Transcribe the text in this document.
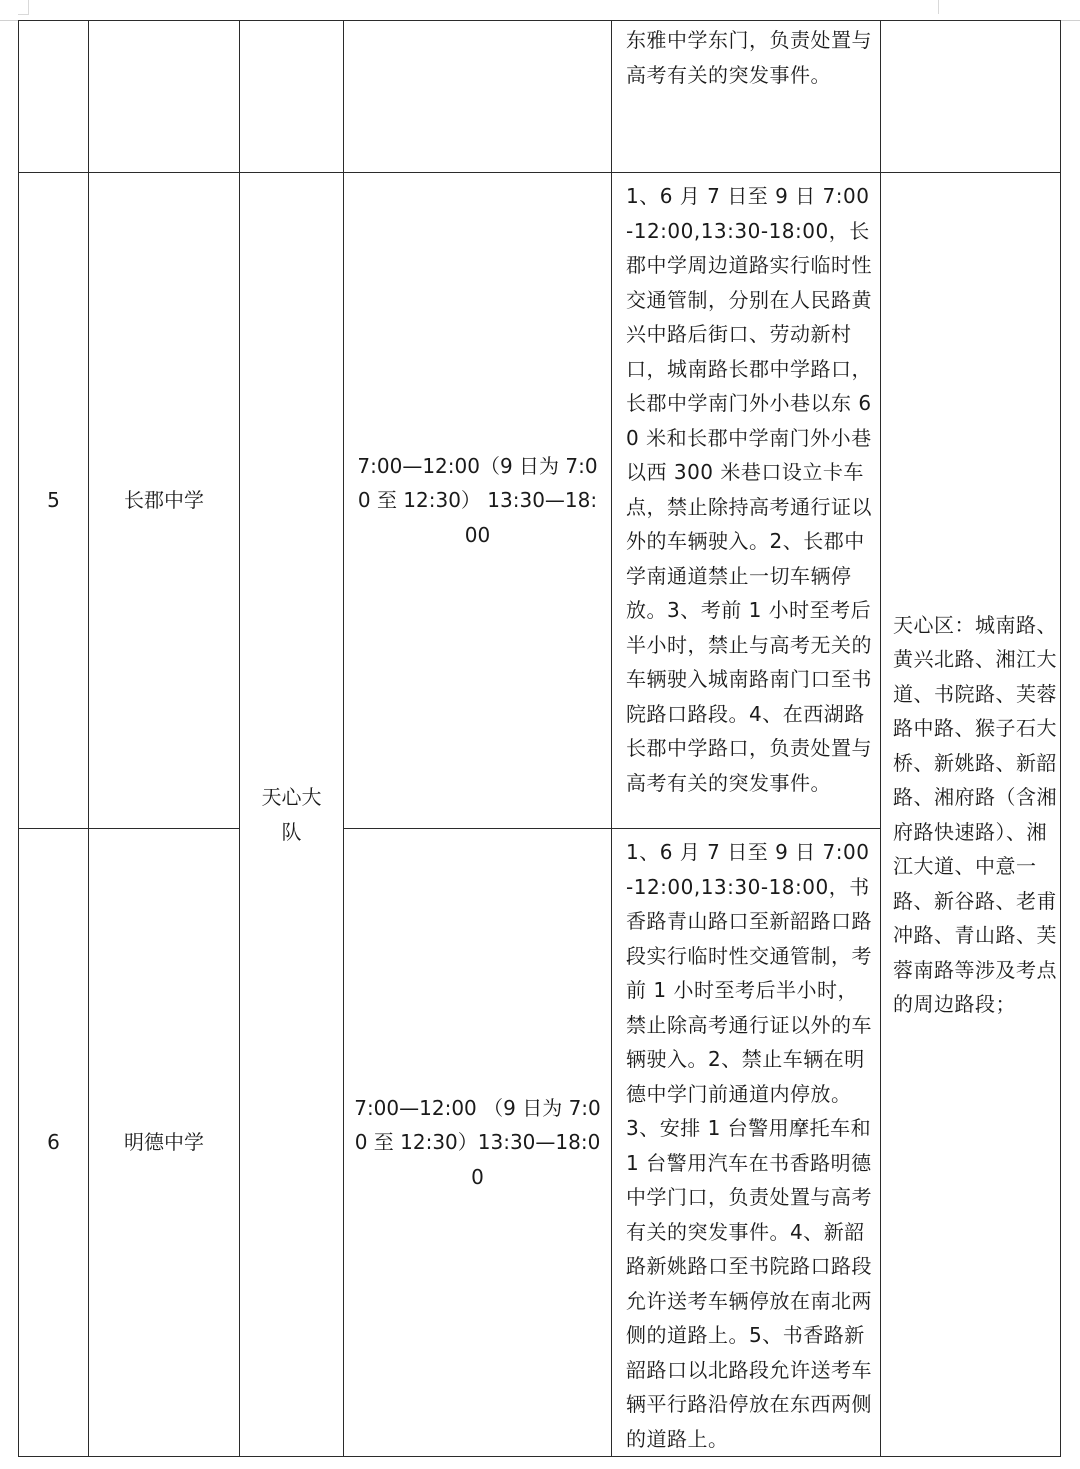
				东雅中学东门，负责处置与高考有关的突发事件。	

5	长郡中学	天心大队	7:00—12:00（9 日为 7:00 至 12:30） 13:30—18:00	1、6 月 7 日至 9 日 7:00-12:00,13:30-18:00，长郡中学周边道路实行临时性交通管制，分别在人民路黄兴中路后街口、劳动新村口，城南路长郡中学路口，长郡中学南门外小巷以东 60 米和长郡中学南门外小巷以西 300 米巷口设立卡车点，禁止除持高考通行证以外的车辆驶入。2、长郡中学南通道禁止一切车辆停放。3、考前 1 小时至考后半小时，禁止与高考无关的车辆驶入城南路南门口至书院路口路段。4、在西湖路长郡中学路口，负责处置与高考有关的突发事件。	天心区：城南路、黄兴北路、湘江大道、书院路、芙蓉路中路、猴子石大桥、新姚路、新韶路、湘府路（含湘府路快速路）、湘江大道、中意一路、新谷路、老甫冲路、青山路、芙蓉南路等涉及考点的周边路段；

6	明德中学		7:00—12:00 （9 日为 7:00 至 12:30）13:30—18:00	1、6 月 7 日至 9 日 7:00-12:00,13:30-18:00，书香路青山路口至新韶路口路段实行临时性交通管制，考前 1 小时至考后半小时，禁止除高考通行证以外的车辆驶入。2、禁止车辆在明德中学门前通道内停放。3、安排 1 台警用摩托车和 1 台警用汽车在书香路明德中学门口，负责处置与高考有关的突发事件。4、新韶路新姚路口至书院路口路段允许送考车辆停放在南北两侧的道路上。5、书香路新韶路口以北路段允许送考车辆平行路沿停放在东西两侧的道路上。	
